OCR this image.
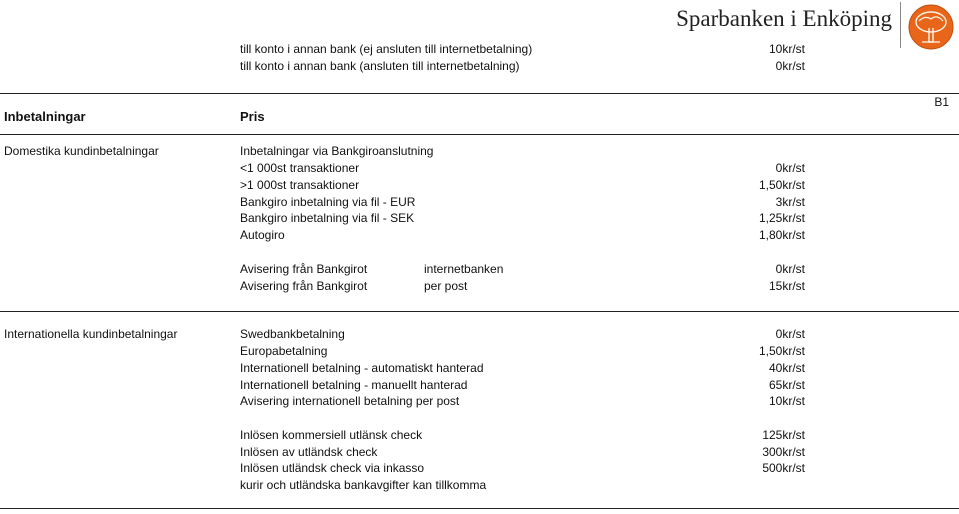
Sparbanken i Enköping
till konto i annan bank (ej ansluten till internetbetalning)	10kr/st
till konto i annan bank (ansluten till internetbetalning)	0kr/st
B1
Inbetalningar	Pris
Domestika kundinbetalningar	Inbetalningar via Bankgiroanslutning
<1 000st transaktioner	0kr/st
>1 000st transaktioner	1,50kr/st
Bankgiro inbetalning via fil - EUR	3kr/st
Bankgiro inbetalning via fil - SEK	1,25kr/st
Autogiro	1,80kr/st
Avisering från Bankgirot	internetbanken	0kr/st
Avisering från Bankgirot	per post	15kr/st
Internationella kundinbetalningar	Swedbankbetalning	0kr/st
Europabetalning	1,50kr/st
Internationell betalning - automatiskt hanterad	40kr/st
Internationell betalning - manuellt hanterad	65kr/st
Avisering internationell betalning per post	10kr/st
Inlösen kommersiell utlänsk check	125kr/st
Inlösen av utländsk check	300kr/st
Inlösen utländsk check via inkasso	500kr/st
kurir och utländska bankavgifter kan tillkomma
